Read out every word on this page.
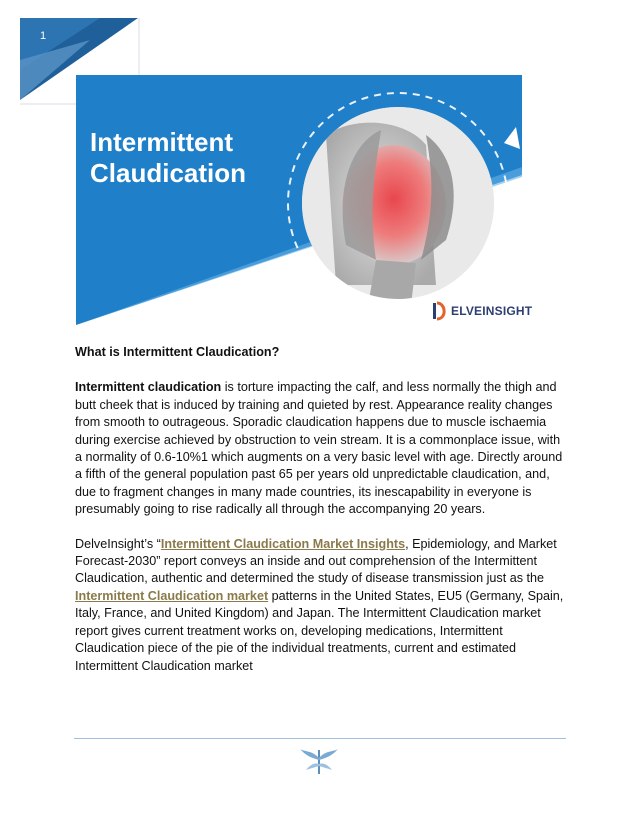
1
Intermittent
Claudication
ELVEINSIGHT

What is Intermittent Claudication?

Intermittent claudication is torture impacting the calf, and less normally the thigh and butt cheek that is induced by training and quieted by rest. Appearance reality changes from smooth to outrageous. Sporadic claudication happens due to muscle ischaemia during exercise achieved by obstruction to vein stream. It is a commonplace issue, with a normality of 0.6-10%1 which augments on a very basic level with age. Directly around a fifth of the general population past 65 per years old unpredictable claudication, and, due to fragment changes in many made countries, its inescapability in everyone is presumably going to rise radically all through the accompanying 20 years.

DelveInsight’s “Intermittent Claudication Market Insights, Epidemiology, and Market Forecast-2030” report conveys an inside and out comprehension of the Intermittent Claudication, authentic and determined the study of disease transmission just as the Intermittent Claudication market patterns in the United States, EU5 (Germany, Spain, Italy, France, and United Kingdom) and Japan. The Intermittent Claudication market report gives current treatment works on, developing medications, Intermittent Claudication piece of the pie of the individual treatments, current and estimated Intermittent Claudication market
